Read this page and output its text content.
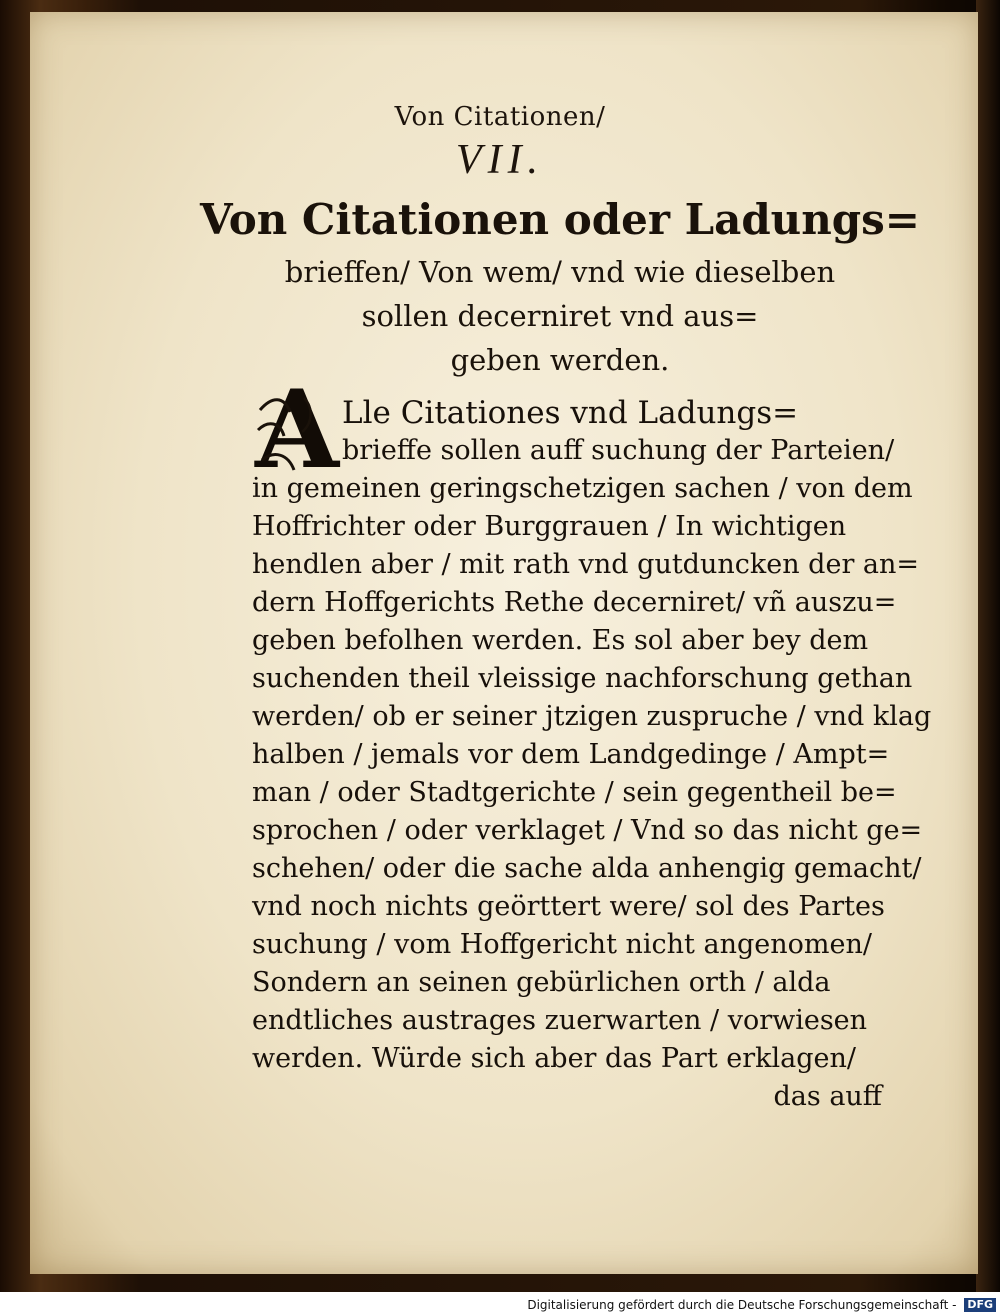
Von Citationen/
VII.
Von Citationen oder Ladungs=
brieffen/ Von wem/ vnd wie dieselben
sollen decerniret vnd aus=
geben werden.
A Lle Citationes vnd Ladungs=
brieffe sollen auff suchung der Parteien/
in gemeinen geringschetzigen sachen / von dem
Hoffrichter oder Burggrauen / In wichtigen
hendlen aber / mit rath vnd gutduncken der an=
dern Hoffgerichts Rethe decerniret/ vñ auszu=
geben befolhen werden. Es sol aber bey dem
suchenden theil vleissige nachforschung gethan
werden/ ob er seiner jtzigen zuspruche / vnd klag
halben / jemals vor dem Landgedinge / Ampt=
man / oder Stadtgerichte / sein gegentheil be=
sprochen / oder verklaget / Vnd so das nicht ge=
schehen/ oder die sache alda anhengig gemacht/
vnd noch nichts geörttert were/ sol des Partes
suchung / vom Hoffgericht nicht angenomen/
Sondern an seinen gebürlichen orth / alda
endtliches austrages zuerwarten / vorwiesen
werden. Würde sich aber das Part erklagen/
das auff
Digitalisierung gefördert durch die Deutsche Forschungsgemeinschaft - DFG
